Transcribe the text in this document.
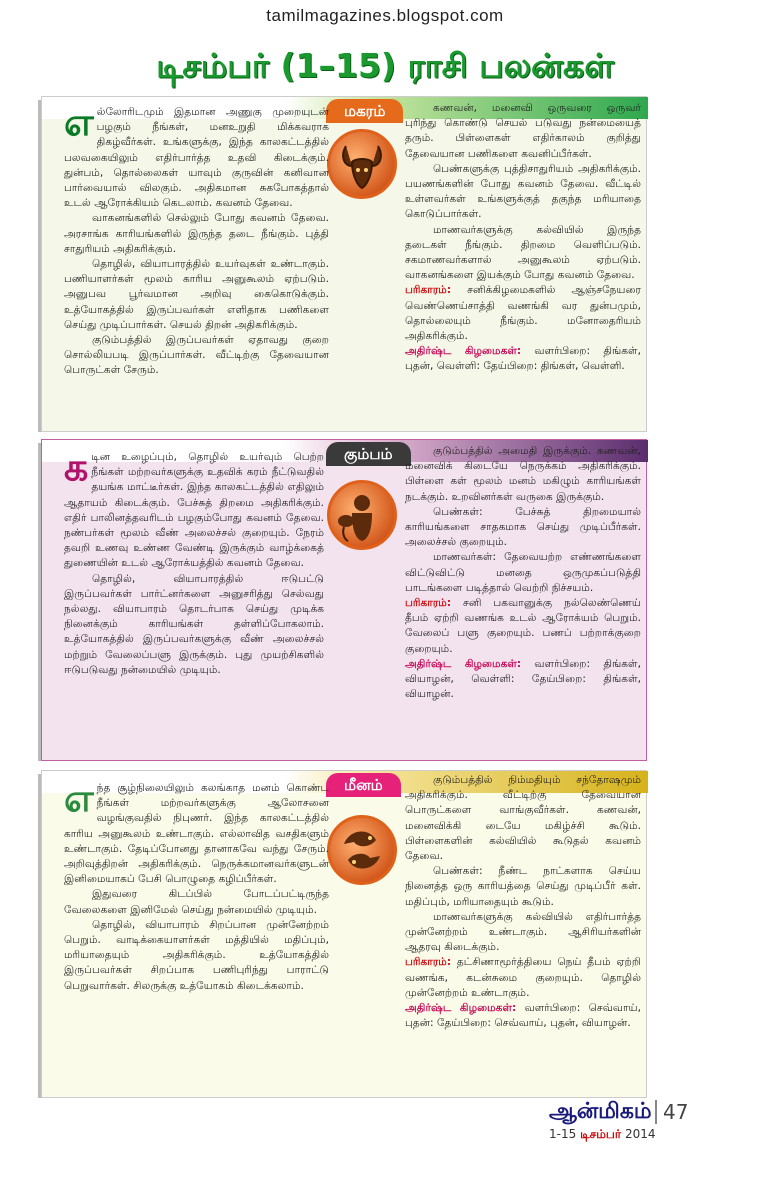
tamilmagazines.blogspot.com
டிசம்பர் (1–15) ராசி பலன்கள்
மகரம்

எல்லோரிடமும் இதமான அணுகு முறையுடன் பழகும் நீங்கள், மனஉறுதி மிக்கவராக திகழ்வீர்கள். உங்களுக்கு, இந்த காலகட்டத்தில் பலவகையிலும் எதிர்பார்த்த உதவி கிடைக்கும். துன்பம், தொல்லைகள் யாவும் குருவின் கனிவான பார்வையால் விலகும். அதிகமான சுகபோகத்தால் உடல் ஆரோக்கியம் கெடலாம். கவனம் தேவை.

வாகனங்களில் செல்லும் போது கவனம் தேவை. அரசாங்க காரியங்களில் இருந்த தடை நீங்கும். புத்தி சாதுரியம் அதிகரிக்கும்.

தொழில், வியாபாரத்தில் உயர்வுகள் உண்டாகும். பணியாளர்கள் மூலம் காரிய அனுகூலம் ஏற்படும். அனுபவ பூர்வமான அறிவு கைகொடுக்கும். உத்யோகத்தில் இருப்பவர்கள் எளிதாக பணிகளை செய்து முடிப்பார்கள். செயல் திறன் அதிகரிக்கும்.

குடும்பத்தில் இருப்பவர்கள் ஏதாவது குறை சொல்லியபடி இருப்பார்கள். வீட்டிற்கு தேவையான பொருட்கள் சேரும்.

கணவன், மனைவி ஒருவரை ஒருவர் புரிந்து கொண்டு செயல் படுவது நன்மையைத் தரும். பிள்ளைகள் எதிர்காலம் குறித்து தேவையான பணிகளை கவனிப்பீர்கள்.

பெண்களுக்கு புத்திசாதுரியம் அதிகரிக்கும். பயணங்களின் போது கவனம் தேவை. வீட்டில் உள்ளவர்கள் உங்களுக்குத் தகுந்த மரியாதை கொடுப்பார்கள்.

மாணவர்களுக்கு கல்வியில் இருந்த தடைகள் நீங்கும். திறமை வெளிப்படும். சகமாணவர்களால் அனுகூலம் ஏற்படும். வாகனங்களை இயக்கும் போது கவனம் தேவை.

பரிகாரம்: சனிக்கிழமைகளில் ஆஞ்சநேயரை வெண்ணெய்சாத்தி வணங்கி வர துன்பமும், தொல்லையும் நீங்கும். மனோதைரியம் அதிகரிக்கும்.

அதிர்ஷ்ட கிழமைகள்: வளர்பிறை: திங்கள், புதன், வெள்ளி: தேய்பிறை: திங்கள், வெள்ளி.

கும்பம்

கடின உழைப்பும், தொழில் உயர்வும் பெற்ற நீங்கள் மற்றவர்களுக்கு உதவிக் கரம் நீட்டுவதில் தயங்க மாட்டீர்கள். இந்த காலகட்டத்தில் எதிலும் ஆதாயம் கிடைக்கும். பேச்சுத் திறமை அதிகரிக்கும். எதிர் பாலினத்தவரிடம் பழகும்போது கவனம் தேவை. நண்பர்கள் மூலம் வீண் அலைச்சல் குறையும். நேரம் தவறி உணவு உண்ண வேண்டி இருக்கும் வாழ்க்கைத் துணையின் உடல் ஆரோக்யத்தில் கவனம் தேவை.

தொழில், வியாபாரத்தில் ஈடுபட்டு இருப்பவர்கள் பார்ட்னர்களை அனுசரித்து செல்வது நல்லது. வியாபாரம் தொடர்பாக செய்து முடிக்க நினைக்கும் காரியங்கள் தள்ளிப்போகலாம். உத்யோகத்தில் இருப்பவர்களுக்கு வீண் அலைச்சல் மற்றும் வேலைப்பளு இருக்கும். புது முயற்சிகளில் ஈடுபடுவது நன்மையில் முடியும்.

குடும்பத்தில் அமைதி இருக்கும். கணவன், மனைவிக் கிடையே நெருக்கம் அதிகரிக்கும். பிள்ளை கள் மூலம் மனம் மகிழும் காரியங்கள் நடக்கும். உறவினர்கள் வருகை இருக்கும்.

பெண்கள்: பேச்சுத் திறமையால் காரியங்களை சாதகமாக செய்து முடிப்பீர்கள். அலைச்சல் குறையும்.

மாணவர்கள்: தேவையற்ற எண்ணங்களை விட்டுவிட்டு மனதை ஒருமுகப்படுத்தி பாடங்களை படித்தால் வெற்றி நிச்சயம்.

பரிகாரம்: சனி பகவானுக்கு நல்லெண்ணெய் தீபம் ஏற்றி வணங்க உடல் ஆரோக்யம் பெறும். வேலைப் பளு குறையும். பணப் பற்றாக்குறை குறையும்.

அதிர்ஷ்ட கிழமைகள்: வளர்பிறை: திங்கள், வியாழன், வெள்ளி: தேய்பிறை: திங்கள், வியாழன்.

மீனம்

எந்த சூழ்நிலையிலும் கலங்காத மனம் கொண்ட நீங்கள் மற்றவர்களுக்கு ஆலோசனை வழங்குவதில் நிபுணர். இந்த காலகட்டத்தில் காரிய அனுகூலம் உண்டாகும். எல்லாவித வசதிகளும் உண்டாகும். தேடிப்போனது தானாகவே வந்து சேரும். அறிவுத்திறன் அதிகரிக்கும். நெருக்கமானவர்களுடன் இனிமையாகப் பேசி பொழுதை கழிப்பீர்கள்.

இதுவரை கிடப்பில் போடப்பட்டிருந்த வேலைகளை இனிமேல் செய்து நன்மையில் முடியும்.

தொழில், வியாபாரம் சிறப்பான முன்னேற்றம் பெறும். வாடிக்கையாளர்கள் மத்தியில் மதிப்பும், மரியாதையும் அதிகரிக்கும். உத்யோகத்தில் இருப்பவர்கள் சிறப்பாக பணிபுரிந்து பாராட்டு பெறுவார்கள். சிலருக்கு உத்யோகம் கிடைக்கலாம்.

குடும்பத்தில் நிம்மதியும் சந்தோஷமும் அதிகரிக்கும். வீட்டிற்கு தேவையான பொருட்களை வாங்குவீர்கள். கணவன், மனைவிக்கி டையே மகிழ்ச்சி கூடும். பிள்ளைகளின் கல்வியில் கூடுதல் கவனம் தேவை.

பெண்கள்: நீண்ட நாட்களாக செய்ய நினைத்த ஒரு காரியத்தை செய்து முடிப்பீர் கள். மதிப்பும், மரியாதையும் கூடும்.

மாணவர்களுக்கு கல்வியில் எதிர்பார்த்த முன்னேற்றம் உண்டாகும். ஆசிரியர்களின் ஆதரவு கிடைக்கும்.

பரிகாரம்: தட்சிணாமூர்த்தியை நெய் தீபம் ஏற்றி வணங்க, கடன்சுமை குறையும். தொழில் முன்னேற்றம் உண்டாகும்.

அதிர்ஷ்ட கிழமைகள்: வளர்பிறை: செவ்வாய், புதன்: தேய்பிறை: செவ்வாய், புதன், வியாழன்.

ஆன்மிகம் 47
1-15 டிசம்பர் 2014
